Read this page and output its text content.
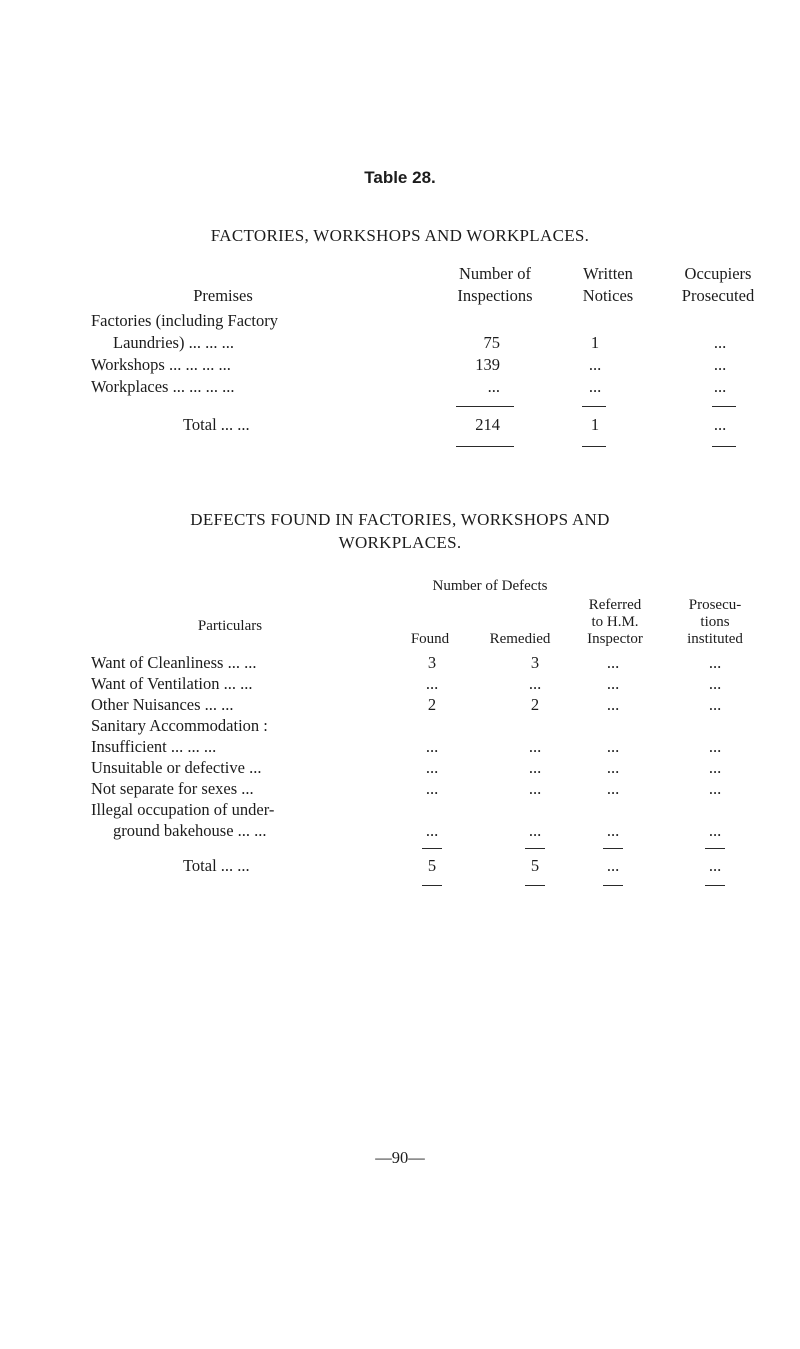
Table 28.
FACTORIES, WORKSHOPS AND WORKPLACES.
Premises
Number of
Inspections
Written
Notices
Occupiers
Prosecuted
Factories (including Factory
Laundries) ... ... ...	75	1	...
Workshops ... ... ... ...	139	...	...
Workplaces ... ... ... ...	...	...	...
Total ... ...	214	1	...
DEFECTS FOUND IN FACTORIES, WORKSHOPS AND
WORKPLACES.
Number of Defects
Particulars
Referred
to H.M.
Inspector
Prosecu-
tions
instituted
Found	Remedied
Want of Cleanliness ... ...	3	3	...	...
Want of Ventilation ... ...	...	...	...	...
Other Nuisances ... ...	2	2	...	...
Sanitary Accommodation :
Insufficient ... ... ...	...	...	...	...
Unsuitable or defective ...	...	...	...	...
Not separate for sexes ...	...	...	...	...
Illegal occupation of under-
ground bakehouse ... ...	...	...	...	...
Total ... ...	5	5	...	...
—90—
